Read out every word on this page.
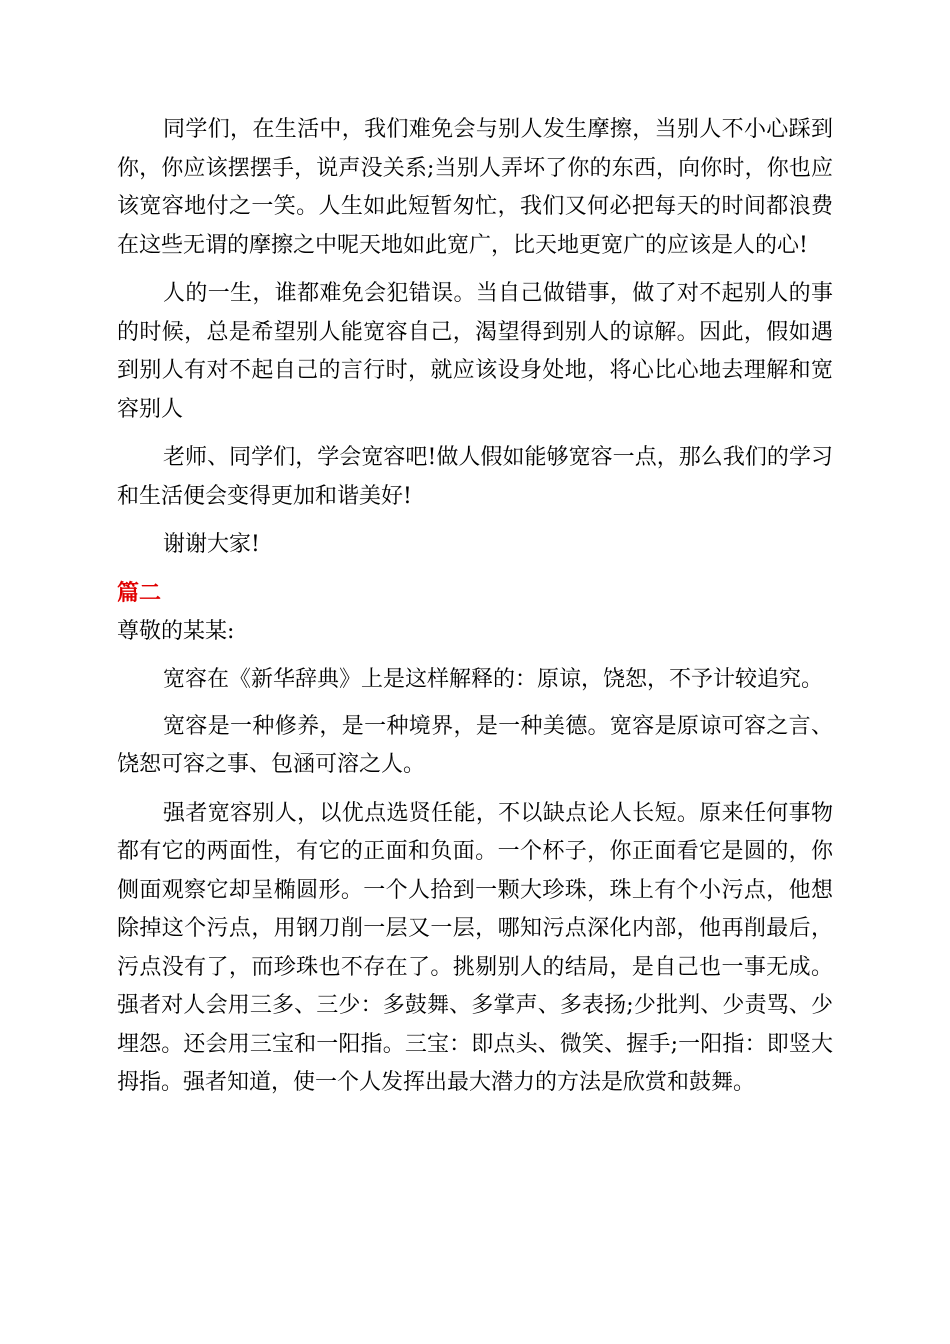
同学们，在生活中，我们难免会与别人发生摩擦，当别人不小心踩到你，你应该摆摆手，说声没关系;当别人弄坏了你的东西，向你时，你也应该宽容地付之一笑。人生如此短暂匆忙，我们又何必把每天的时间都浪费在这些无谓的摩擦之中呢天地如此宽广，比天地更宽广的应该是人的心!

人的一生，谁都难免会犯错误。当自己做错事，做了对不起别人的事的时候，总是希望别人能宽容自己，渴望得到别人的谅解。因此，假如遇到别人有对不起自己的言行时，就应该设身处地，将心比心地去理解和宽容别人

老师、同学们，学会宽容吧!做人假如能够宽容一点，那么我们的学习和生活便会变得更加和谐美好!

谢谢大家!

篇二

尊敬的某某:

宽容在《新华辞典》上是这样解释的：原谅，饶恕，不予计较追究。

宽容是一种修养，是一种境界，是一种美德。宽容是原谅可容之言、饶恕可容之事、包涵可溶之人。

强者宽容别人，以优点选贤任能，不以缺点论人长短。原来任何事物都有它的两面性，有它的正面和负面。一个杯子，你正面看它是圆的，你侧面观察它却呈椭圆形。一个人拾到一颗大珍珠，珠上有个小污点，他想除掉这个污点，用钢刀削一层又一层，哪知污点深化内部，他再削最后，污点没有了，而珍珠也不存在了。挑剔别人的结局，是自己也一事无成。强者对人会用三多、三少：多鼓舞、多掌声、多表扬;少批判、少责骂、少埋怨。还会用三宝和一阳指。三宝：即点头、微笑、握手;一阳指：即竖大拇指。强者知道，使一个人发挥出最大潜力的方法是欣赏和鼓舞。
